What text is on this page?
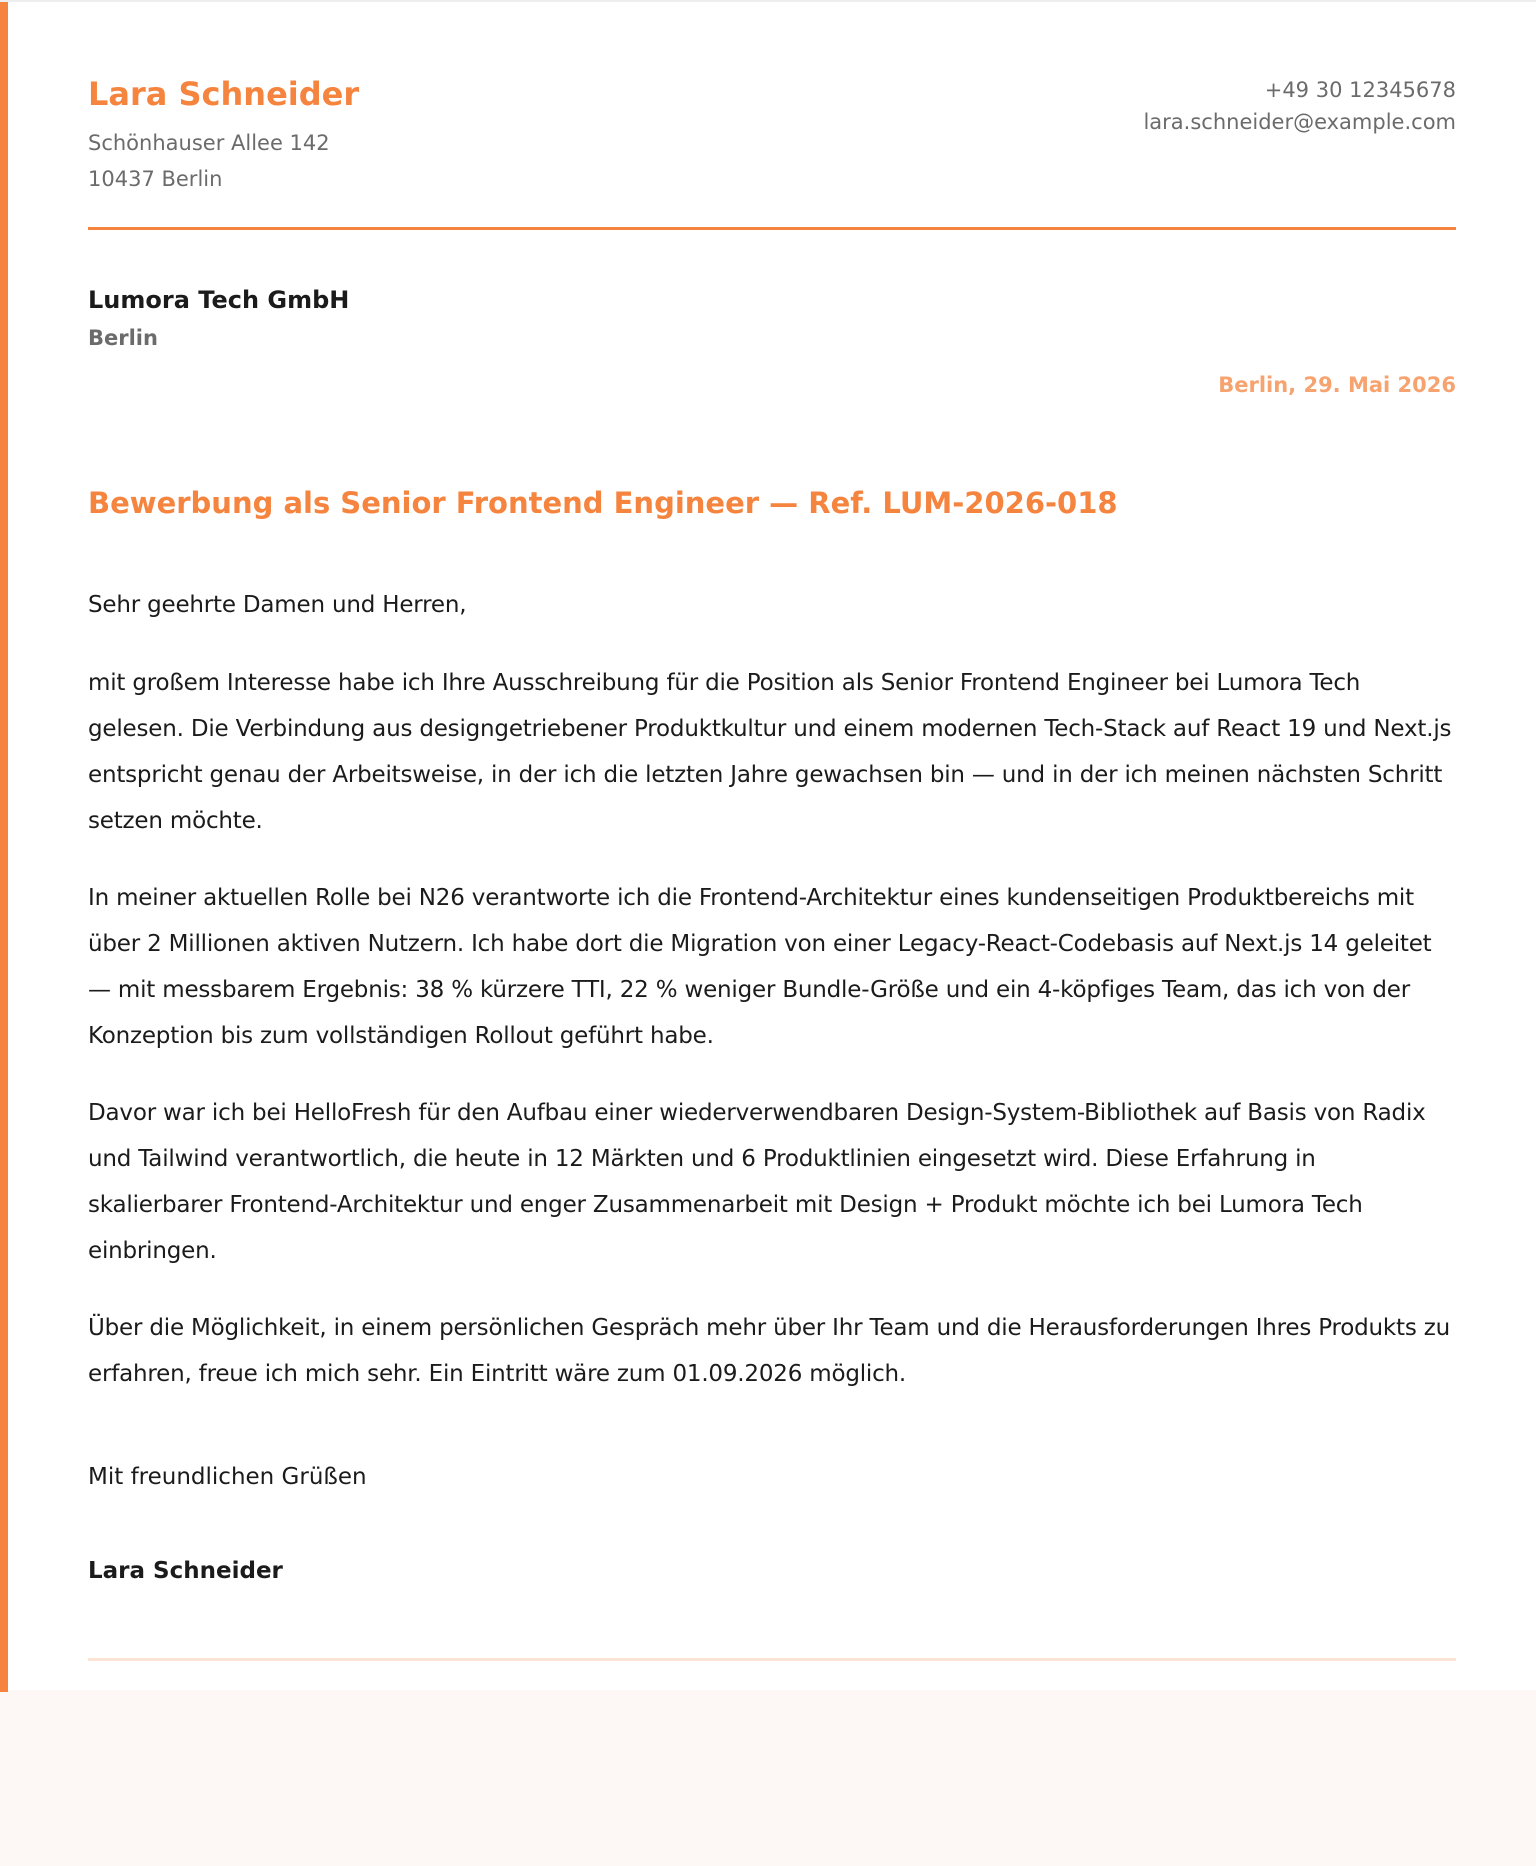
Lara Schneider
Schönhauser Allee 142
10437 Berlin
+49 30 12345678
lara.schneider@example.com
Lumora Tech GmbH
Berlin
Berlin, 29. Mai 2026
Bewerbung als Senior Frontend Engineer — Ref. LUM-2026-018

Sehr geehrte Damen und Herren,

mit großem Interesse habe ich Ihre Ausschreibung für die Position als Senior Frontend Engineer bei Lumora Tech gelesen. Die Verbindung aus designgetriebener Produktkultur und einem modernen Tech-Stack auf React 19 und Next.js entspricht genau der Arbeitsweise, in der ich die letzten Jahre gewachsen bin — und in der ich meinen nächsten Schritt setzen möchte.

In meiner aktuellen Rolle bei N26 verantworte ich die Frontend-Architektur eines kundenseitigen Produktbereichs mit über 2 Millionen aktiven Nutzern. Ich habe dort die Migration von einer Legacy-React-Codebasis auf Next.js 14 geleitet — mit messbarem Ergebnis: 38 % kürzere TTI, 22 % weniger Bundle-Größe und ein 4-köpfiges Team, das ich von der Konzeption bis zum vollständigen Rollout geführt habe.

Davor war ich bei HelloFresh für den Aufbau einer wiederverwendbaren Design-System-Bibliothek auf Basis von Radix und Tailwind verantwortlich, die heute in 12 Märkten und 6 Produktlinien eingesetzt wird. Diese Erfahrung in skalierbarer Frontend-Architektur und enger Zusammenarbeit mit Design + Produkt möchte ich bei Lumora Tech einbringen.

Über die Möglichkeit, in einem persönlichen Gespräch mehr über Ihr Team und die Herausforderungen Ihres Produkts zu erfahren, freue ich mich sehr. Ein Eintritt wäre zum 01.09.2026 möglich.

Mit freundlichen Grüßen
Lara Schneider
